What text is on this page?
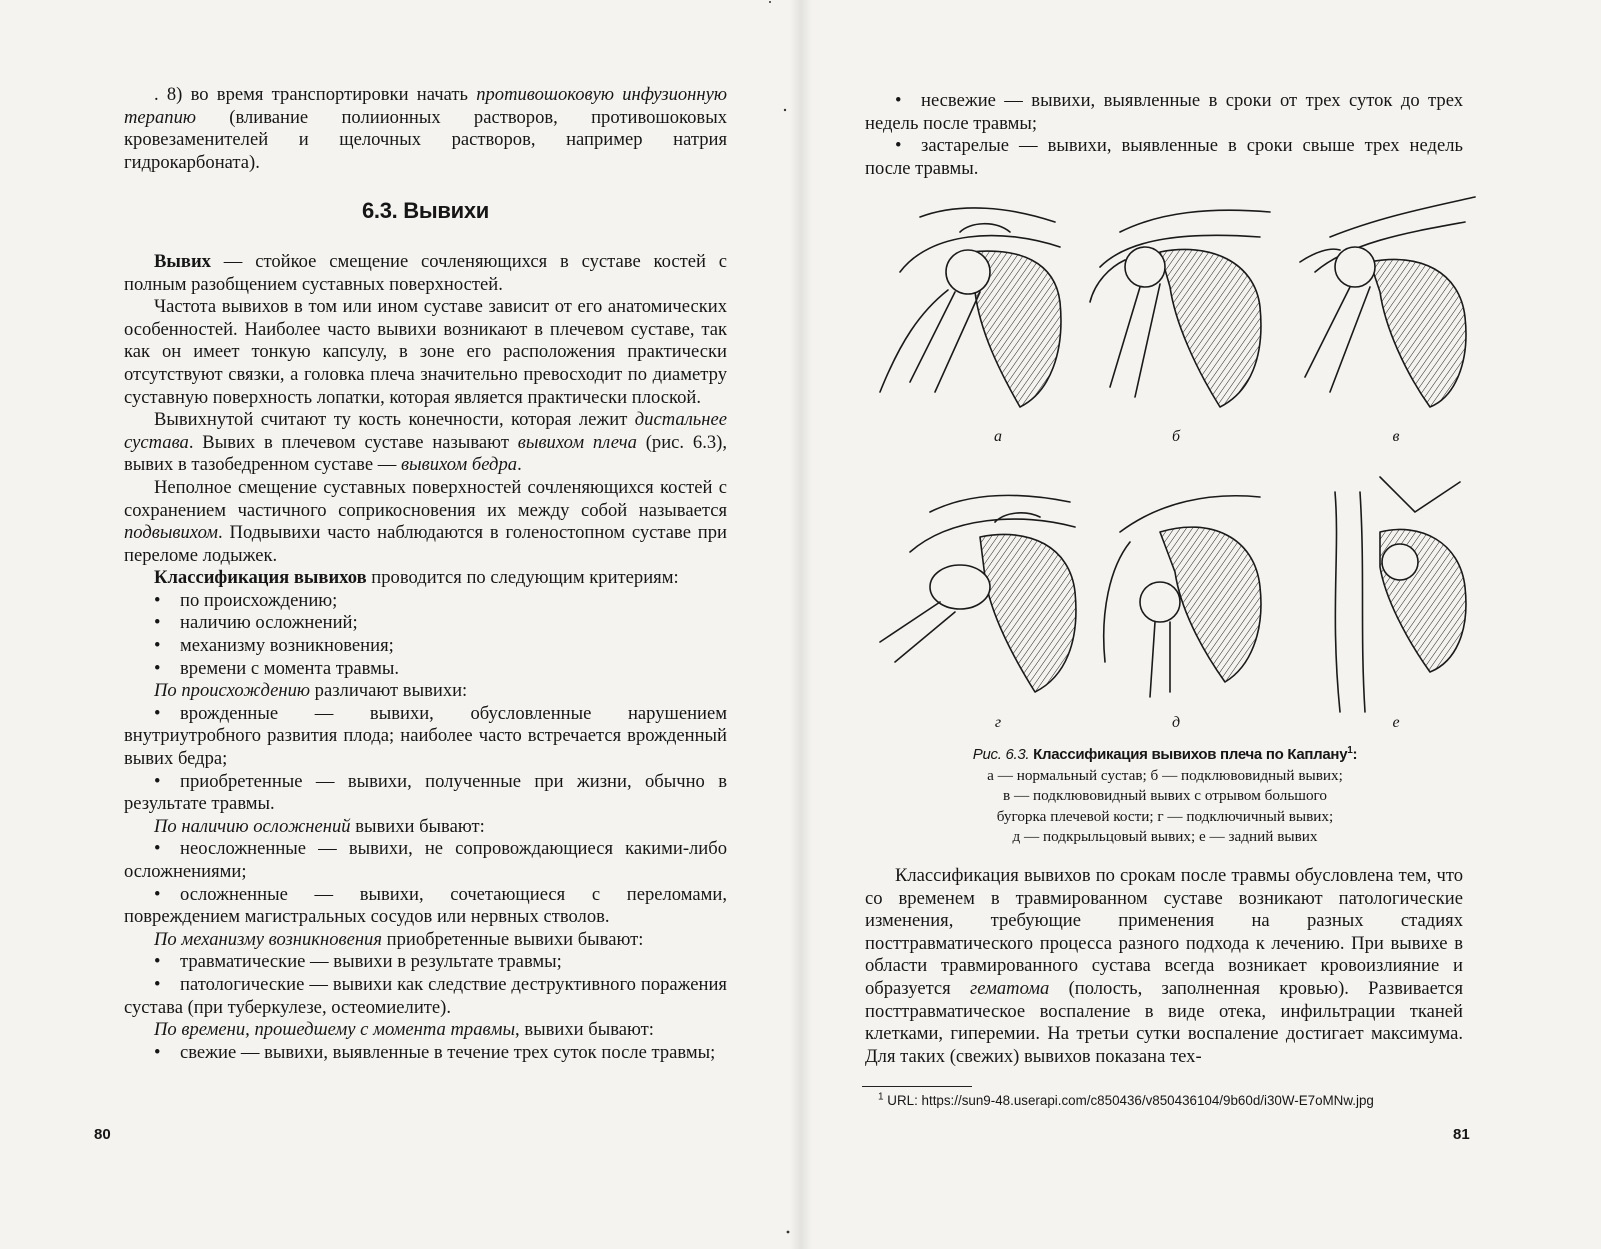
. 8) во время транспортировки начать противошоковую инфузионную терапию (вливание полиионных растворов, противошоковых кровезаменителей и щелочных растворов, например натрия гидрокарбоната).

6.3. Вывихи

Вывих — стойкое смещение сочленяющихся в суставе костей с полным разобщением суставных поверхностей.

Частота вывихов в том или ином суставе зависит от его анатомических особенностей. Наиболее часто вывихи возникают в плечевом суставе, так как он имеет тонкую капсулу, в зоне его расположения практически отсутствуют связки, а головка плеча значительно превосходит по диаметру суставную поверхность лопатки, которая является практически плоской.

Вывихнутой считают ту кость конечности, которая лежит дистальнее сустава. Вывих в плечевом суставе называют вывихом плеча (рис. 6.3), вывих в тазобедренном суставе — вывихом бедра.

Неполное смещение суставных поверхностей сочленяющихся костей с сохранением частичного соприкосновения их между собой называется подвывихом. Подвывихи часто наблюдаются в голеностопном суставе при переломе лодыжек.

Классификация вывихов проводится по следующим критериям:

• по происхождению;

• наличию осложнений;

• механизму возникновения;

• времени с момента травмы.

По происхождению различают вывихи:

• врожденные — вывихи, обусловленные нарушением внутриутробного развития плода; наиболее часто встречается врожденный вывих бедра;

• приобретенные — вывихи, полученные при жизни, обычно в результате травмы.

По наличию осложнений вывихи бывают:

• неосложненные — вывихи, не сопровождающиеся какими-либо осложнениями;

• осложненные — вывихи, сочетающиеся с переломами, повреждением магистральных сосудов или нервных стволов.

По механизму возникновения приобретенные вывихи бывают:

• травматические — вывихи в результате травмы;

• патологические — вывихи как следствие деструктивного поражения сустава (при туберкулезе, остеомиелите).

По времени, прошедшему с момента травмы, вывихи бывают:

• свежие — вывихи, выявленные в течение трех суток после травмы;

80

• несвежие — вывихи, выявленные в сроки от трех суток до трех недель после травмы;

• застарелые — вывихи, выявленные в сроки свыше трех недель после травмы.

а	б	в
г	д	е
Рис. 6.3. Классификация вывихов плеча по Каплану$^1$:
а — нормальный сустав; б — подклювовидный вывих;
в — подклювовидный вывих с отрывом большого
бугорка плечевой кости; г — подключичный вывих;
д — подкрыльцовый вывих; е — задний вывих

Классификация вывихов по срокам после травмы обусловлена тем, что со временем в травмированном суставе возникают патологические изменения, требующие применения на разных стадиях посттравматического процесса разного подхода к лечению. При вывихе в области травмированного сустава всегда возникает кровоизлияние и образуется гематома (полость, заполненная кровью). Развивается посттравматическое воспаление в виде отека, инфильтрации тканей клетками, гиперемии. На третьи сутки воспаление достигает максимума. Для таких (свежих) вывихов показана тех-

$^1$ URL: https://sun9-48.userapi.com/c850436/v850436104/9b60d/i30W-E7oMNw.jpg
81
